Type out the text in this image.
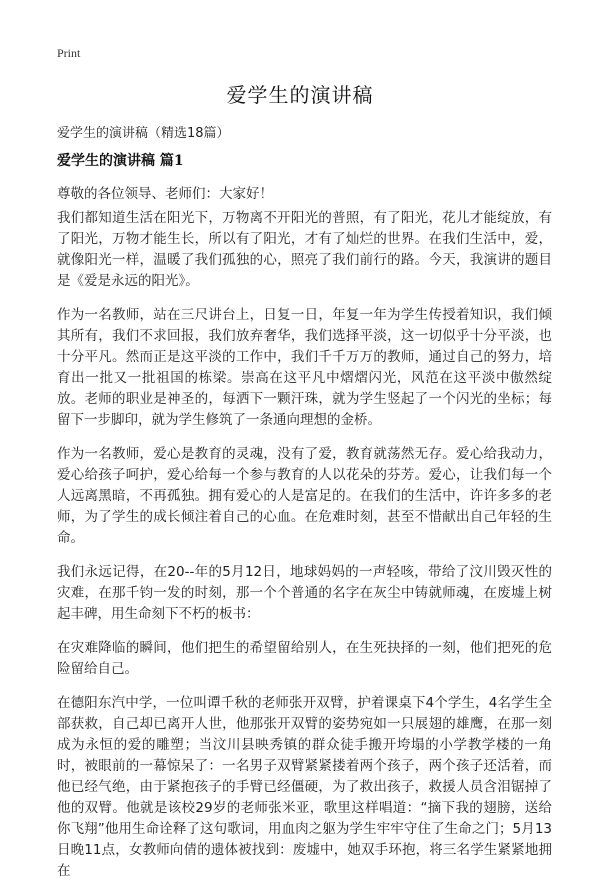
Print
爱学生的演讲稿
爱学生的演讲稿（精选18篇）
爱学生的演讲稿 篇1
尊敬的各位领导、老师们：大家好！

我们都知道生活在阳光下，万物离不开阳光的普照，有了阳光，花儿才能绽放，有了阳光，万物才能生长，所以有了阳光，才有了灿烂的世界。在我们生活中，爱，就像阳光一样，温暖了我们孤独的心，照亮了我们前行的路。今天，我演讲的题目是《爱是永远的阳光》。

作为一名教师，站在三尺讲台上，日复一日，年复一年为学生传授着知识，我们倾其所有，我们不求回报，我们放弃奢华，我们选择平淡，这一切似乎十分平淡，也十分平凡。然而正是这平淡的工作中，我们千千万万的教师，通过自己的努力，培育出一批又一批祖国的栋梁。崇高在这平凡中熠熠闪光，风范在这平淡中傲然绽放。老师的职业是神圣的，每洒下一颗汗珠，就为学生竖起了一个闪光的坐标；每留下一步脚印，就为学生修筑了一条通向理想的金桥。

作为一名教师，爱心是教育的灵魂，没有了爱，教育就荡然无存。爱心给我动力，爱心给孩子呵护，爱心给每一个参与教育的人以花朵的芬芳。爱心，让我们每一个人远离黑暗，不再孤独。拥有爱心的人是富足的。在我们的生活中，许许多多的老师，为了学生的成长倾注着自己的心血。在危难时刻，甚至不惜献出自己年轻的生命。

我们永远记得，在20--年的5月12日，地球妈妈的一声轻咳，带给了汶川毁灭性的灾难，在那千钧一发的时刻，那一个个普通的名字在灰尘中铸就师魂，在废墟上树起丰碑，用生命刻下不朽的板书：

在灾难降临的瞬间，他们把生的希望留给别人，在生死抉择的一刻，他们把死的危险留给自己。

在德阳东汽中学，一位叫谭千秋的老师张开双臂，护着课桌下4个学生，4名学生全部获救，自己却已离开人世，他那张开双臂的姿势宛如一只展翅的雄鹰，在那一刻成为永恒的爱的雕塑；当汶川县映秀镇的群众徒手搬开垮塌的小学教学楼的一角时，被眼前的一幕惊呆了：一名男子双臂紧紧搂着两个孩子，两个孩子还活着，而他已经气绝，由于紧抱孩子的手臂已经僵硬，为了救出孩子，救援人员含泪锯掉了他的双臂。他就是该校29岁的老师张米亚，歌里这样唱道：“摘下我的翅膀，送给你飞翔”他用生命诠释了这句歌词，用血肉之躯为学生牢牢守住了生命之门；5月13日晚11点，女教师向倩的遗体被找到：废墟中，她双手环抱，将三名学生紧紧地拥在
